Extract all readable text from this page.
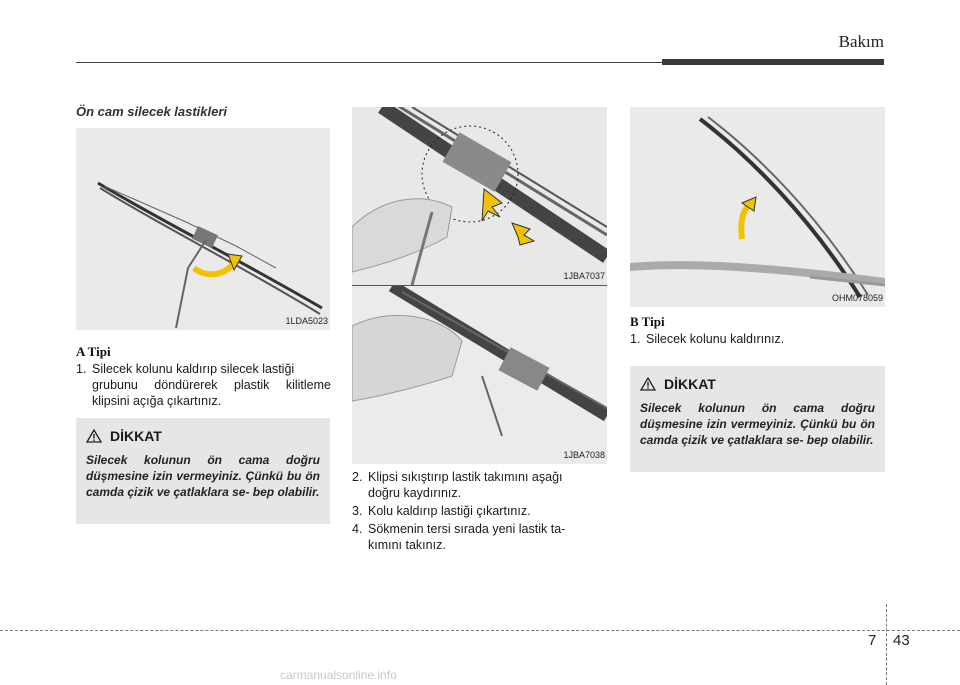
Bakım
Ön cam silecek lastikleri
1LDA5023
A Tipi
1. Silecek kolunu kaldırıp silecek lastiği
grubunu döndürerek plastik kilitleme klipsini açığa çıkartınız.
DİKKAT
Silecek kolunun ön cama doğru düşmesine izin vermeyiniz. Çünkü bu ön camda çizik ve çatlaklara se- bep olabilir.
1JBA7037
1JBA7038
2. Klipsi sıkıştırıp lastik takımını aşağı
doğru kaydırınız.
3. Kolu kaldırıp lastiği çıkartınız.
4. Sökmenin tersi sırada yeni lastik ta-
kımını takınız.
OHM078059
B Tipi
1. Silecek kolunu kaldırınız.
DİKKAT
Silecek kolunun ön cama doğru düşmesine izin vermeyiniz. Çünkü bu ön camda çizik ve çatlaklara se- bep olabilir.
7 43
carmanualsonline.info
